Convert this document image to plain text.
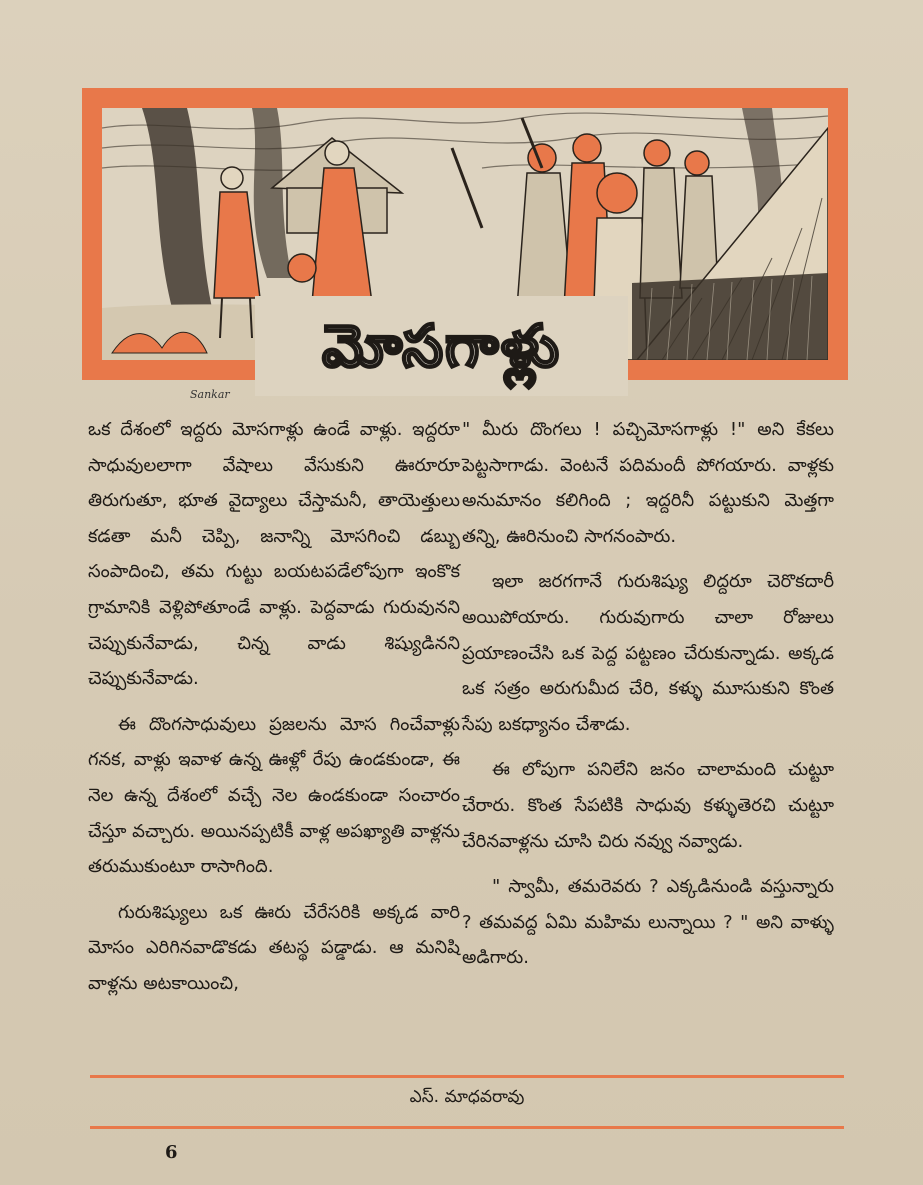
Sankar
మోసగాళ్లు

ఒక దేశంలో ఇద్దరు మోసగాళ్లు ఉండే వాళ్లు. ఇద్దరూ సాధువులలాగా వేషాలు వేసుకుని ఊరూరూ తిరుగుతూ, భూత వైద్యాలు చేస్తామనీ, తాయెత్తులు కడతా మనీ చెప్పి, జనాన్ని మోసగించి డబ్బు సంపాదించి, తమ గుట్టు బయటపడేలోపుగా ఇంకొక గ్రామానికి వెళ్లిపోతూండే వాళ్లు. పెద్దవాడు గురువునని చెప్పుకునేవాడు, చిన్న వాడు శిష్యుడినని చెప్పుకునేవాడు.

ఈ దొంగసాధువులు ప్రజలను మోస గించేవాళ్లు గనక, వాళ్లు ఇవాళ ఉన్న ఊళ్లో రేపు ఉండకుండా, ఈ నెల ఉన్న దేశంలో వచ్చే నెల ఉండకుండా సంచారం చేస్తూ వచ్చారు. అయినప్పటికీ వాళ్ల అపఖ్యాతి వాళ్లను తరుముకుంటూ రాసాగింది.

గురుశిష్యులు ఒక ఊరు చేరేసరికి అక్కడ వారి మోసం ఎరిగినవాడొకడు తటస్థ పడ్డాడు. ఆ మనిషి వాళ్లను అటకాయించి,

" మీరు దొంగలు ! పచ్చిమోసగాళ్లు !" అని కేకలు పెట్టసాగాడు. వెంటనే పదిమందీ పోగయారు. వాళ్లకు అనుమానం కలిగింది ; ఇద్దరినీ పట్టుకుని మెత్తగా తన్ని, ఊరినుంచి సాగనంపారు.

ఇలా జరగగానే గురుశిష్యు లిద్దరూ చెరొకదారీ అయిపోయారు. గురువుగారు చాలా రోజులు ప్రయాణంచేసి ఒక పెద్ద పట్టణం చేరుకున్నాడు. అక్కడ ఒక సత్రం అరుగుమీద చేరి, కళ్ళు మూసుకుని కొంత సేపు బకధ్యానం చేశాడు.

ఈ లోపుగా పనిలేని జనం చాలామంది చుట్టూ చేరారు. కొంత సేపటికి సాధువు కళ్ళుతెరచి చుట్టూ చేరినవాళ్లను చూసి చిరు నవ్వు నవ్వాడు.

" స్వామీ, తమరెవరు ? ఎక్కడినుండి వస్తున్నారు ? తమవద్ద ఏమి మహిమ లున్నాయి ? " అని వాళ్ళు అడిగారు.

ఎస్. మాధవరావు
6
